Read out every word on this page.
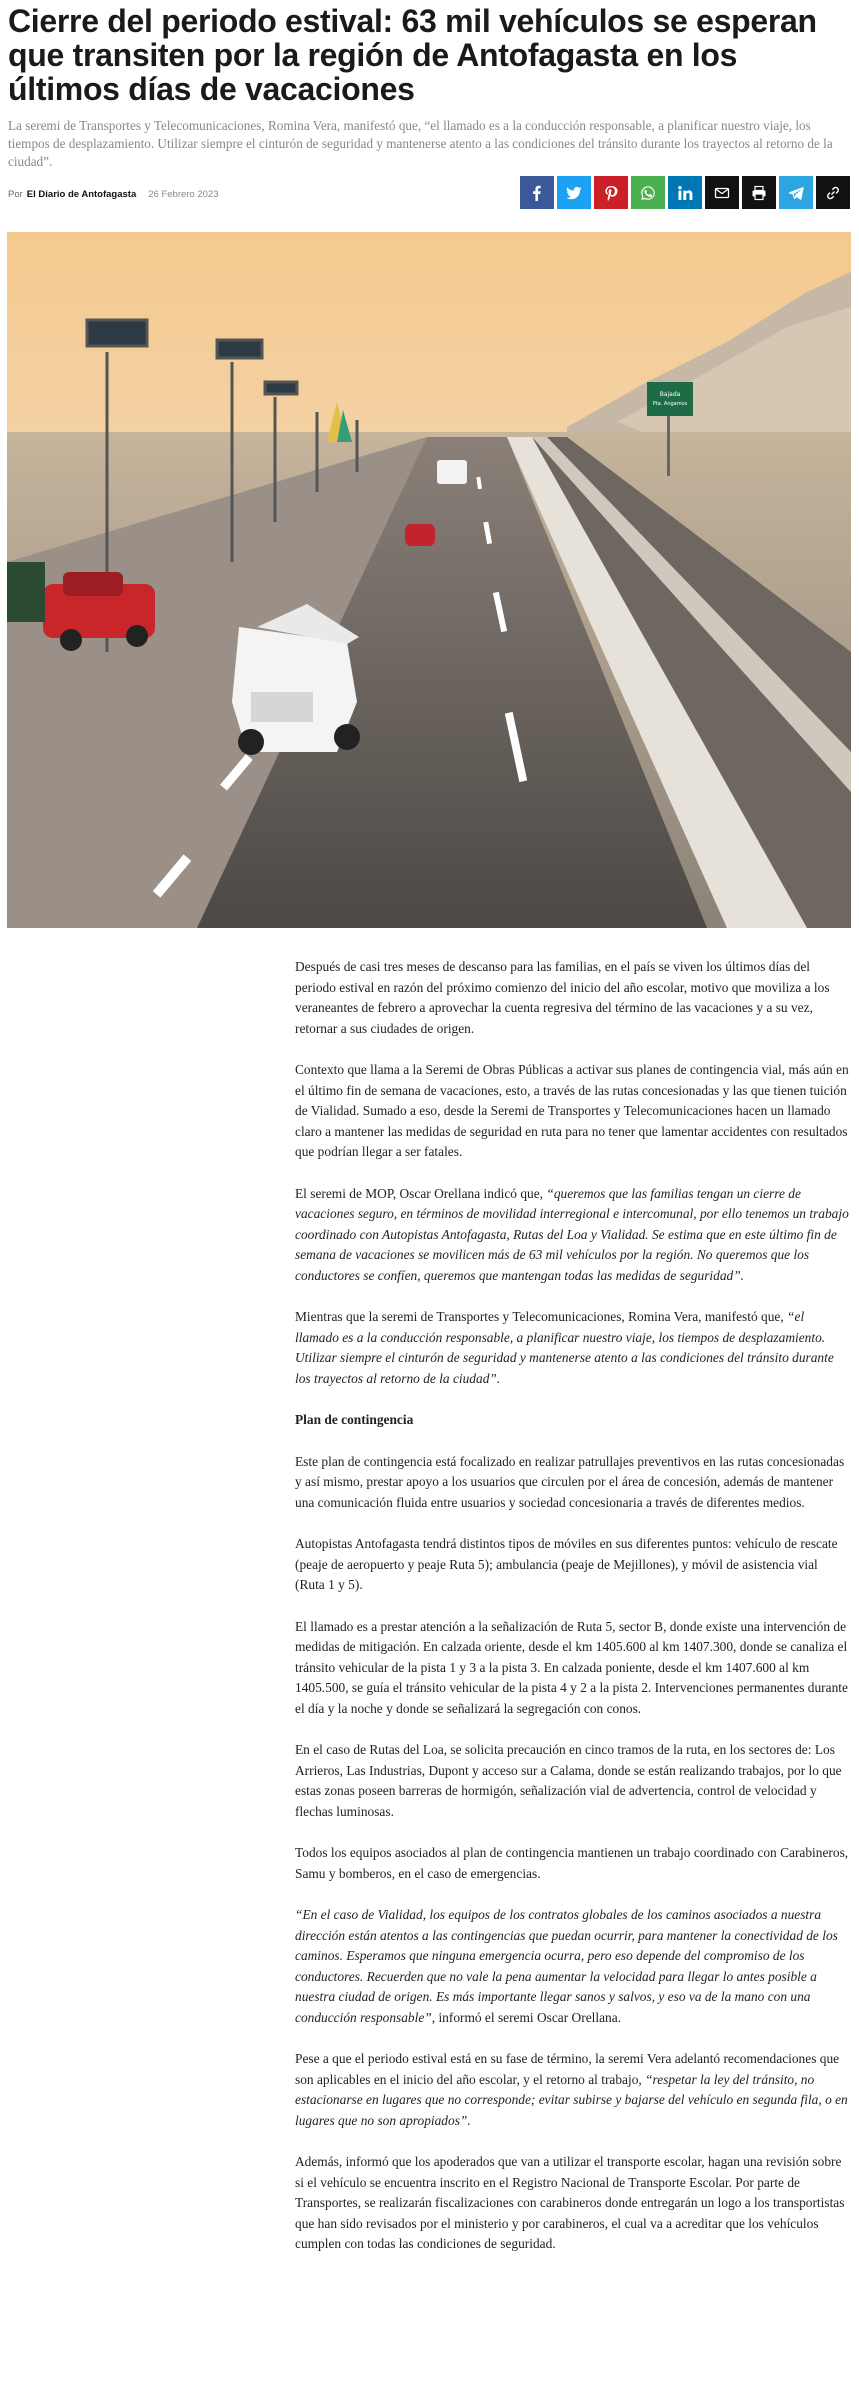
Cierre del periodo estival: 63 mil vehículos se esperan que transiten por la región de Antofagasta en los últimos días de vacaciones

La seremi de Transportes y Telecomunicaciones, Romina Vera, manifestó que, “el llamado es a la conducción responsable, a planificar nuestro viaje, los tiempos de desplazamiento. Utilizar siempre el cinturón de seguridad y mantenerse atento a las condiciones del tránsito durante los trayectos al retorno de la ciudad”.

Por El Diario de Antofagasta 26 Febrero 2023
Bajada
Pta. Angamos

Después de casi tres meses de descanso para las familias, en el país se viven los últimos días del periodo estival en razón del próximo comienzo del inicio del año escolar, motivo que moviliza a los veraneantes de febrero a aprovechar la cuenta regresiva del término de las vacaciones y a su vez, retornar a sus ciudades de origen.

Contexto que llama a la Seremi de Obras Públicas a activar sus planes de contingencia vial, más aún en el último fin de semana de vacaciones, esto, a través de las rutas concesionadas y las que tienen tuición de Vialidad. Sumado a eso, desde la Seremi de Transportes y Telecomunicaciones hacen un llamado claro a mantener las medidas de seguridad en ruta para no tener que lamentar accidentes con resultados que podrían llegar a ser fatales.

El seremi de MOP, Oscar Orellana indicó que, “queremos que las familias tengan un cierre de vacaciones seguro, en términos de movilidad interregional e intercomunal, por ello tenemos un trabajo coordinado con Autopistas Antofagasta, Rutas del Loa y Vialidad. Se estima que en este último fin de semana de vacaciones se movilicen más de 63 mil vehículos por la región. No queremos que los conductores se confíen, queremos que mantengan todas las medidas de seguridad”.

Mientras que la seremi de Transportes y Telecomunicaciones, Romina Vera, manifestó que, “el llamado es a la conducción responsable, a planificar nuestro viaje, los tiempos de desplazamiento. Utilizar siempre el cinturón de seguridad y mantenerse atento a las condiciones del tránsito durante los trayectos al retorno de la ciudad”.

Plan de contingencia

Este plan de contingencia está focalizado en realizar patrullajes preventivos en las rutas concesionadas y así mismo, prestar apoyo a los usuarios que circulen por el área de concesión, además de mantener una comunicación fluida entre usuarios y sociedad concesionaria a través de diferentes medios.

Autopistas Antofagasta tendrá distintos tipos de móviles en sus diferentes puntos: vehículo de rescate (peaje de aeropuerto y peaje Ruta 5); ambulancia (peaje de Mejillones), y móvil de asistencia vial (Ruta 1 y 5).

El llamado es a prestar atención a la señalización de Ruta 5, sector B, donde existe una intervención de medidas de mitigación. En calzada oriente, desde el km 1405.600 al km 1407.300, donde se canaliza el tránsito vehicular de la pista 1 y 3 a la pista 3. En calzada poniente, desde el km 1407.600 al km 1405.500, se guía el tránsito vehicular de la pista 4 y 2 a la pista 2. Intervenciones permanentes durante el día y la noche y donde se señalizará la segregación con conos.

En el caso de Rutas del Loa, se solicita precaución en cinco tramos de la ruta, en los sectores de: Los Arrieros, Las Industrias, Dupont y acceso sur a Calama, donde se están realizando trabajos, por lo que estas zonas poseen barreras de hormigón, señalización vial de advertencia, control de velocidad y flechas luminosas.

Todos los equipos asociados al plan de contingencia mantienen un trabajo coordinado con Carabineros, Samu y bomberos, en el caso de emergencias.

“En el caso de Vialidad, los equipos de los contratos globales de los caminos asociados a nuestra dirección están atentos a las contingencias que puedan ocurrir, para mantener la conectividad de los caminos. Esperamos que ninguna emergencia ocurra, pero eso depende del compromiso de los conductores. Recuerden que no vale la pena aumentar la velocidad para llegar lo antes posible a nuestra ciudad de origen. Es más importante llegar sanos y salvos, y eso va de la mano con una conducción responsable”, informó el seremi Oscar Orellana.

Pese a que el periodo estival está en su fase de término, la seremi Vera adelantó recomendaciones que son aplicables en el inicio del año escolar, y el retorno al trabajo, “respetar la ley del tránsito, no estacionarse en lugares que no corresponde; evitar subirse y bajarse del vehículo en segunda fila, o en lugares que no son apropiados”.

Además, informó que los apoderados que van a utilizar el transporte escolar, hagan una revisión sobre si el vehículo se encuentra inscrito en el Registro Nacional de Transporte Escolar. Por parte de Transportes, se realizarán fiscalizaciones con carabineros donde entregarán un logo a los transportistas que han sido revisados por el ministerio y por carabineros, el cual va a acreditar que los vehículos cumplen con todas las condiciones de seguridad.
